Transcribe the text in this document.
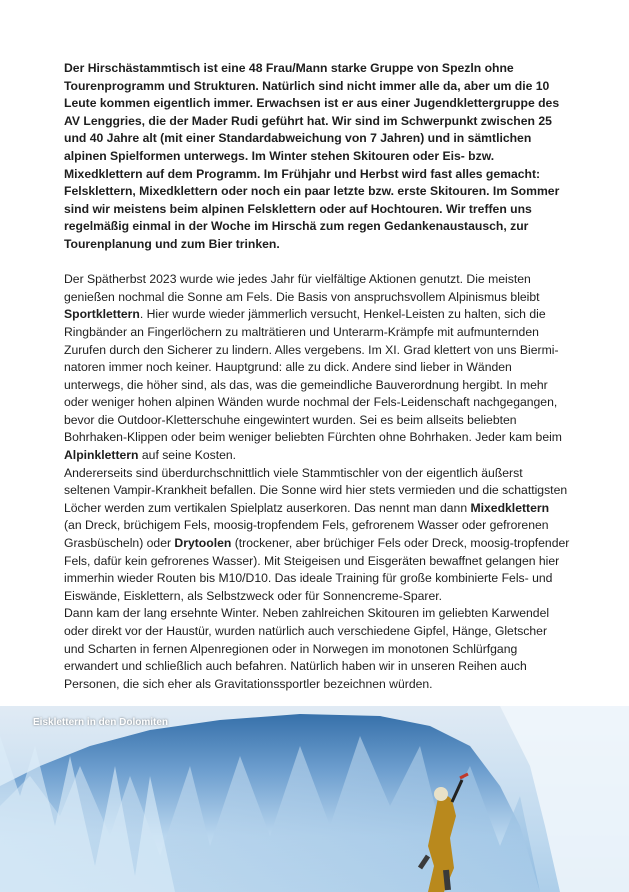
Der Hirschästammtisch ist eine 48 Frau/Mann starke Gruppe von Spezln ohne Tourenprogramm und Strukturen. Natürlich sind nicht immer alle da, aber um die 10 Leute kommen eigentlich immer. Erwachsen ist er aus einer Jugendklettergruppe des AV Lenggries, die der Mader Rudi geführt hat. Wir sind im Schwerpunkt zwischen 25 und 40 Jahre alt (mit einer Standardabweichung von 7 Jahren) und in sämtlichen alpinen Spielformen unterwegs. Im Winter stehen Skitouren oder Eis- bzw. Mixedklettern auf dem Programm. Im Frühjahr und Herbst wird fast alles gemacht: Felsklettern, Mixedklettern oder noch ein paar letzte bzw. erste Skitouren. Im Sommer sind wir meistens beim alpinen Felsklettern oder auf Hochtouren. Wir treffen uns regelmäßig einmal in der Woche im Hirschä zum regen Gedankenaustausch, zur Tourenplanung und zum Bier trinken.

Der Spätherbst 2023 wurde wie jedes Jahr für vielfältige Aktionen genutzt. Die meisten genießen nochmal die Sonne am Fels. Die Basis von anspruchsvollem Alpinismus bleibt Sportklettern. Hier wurde wieder jämmerlich versucht, Henkel-Leisten zu halten, sich die Ringbänder an Fingerlöchern zu malträtieren und Unterarm-Krämpfe mit aufmunternden Zurufen durch den Sicherer zu lindern. Alles vergebens. Im XI. Grad klettert von uns Bierminatoren immer noch keiner. Hauptgrund: alle zu dick. Andere sind lieber in Wänden unterwegs, die höher sind, als das, was die gemeindliche Bauverordnung hergibt. In mehr oder weniger hohen alpinen Wänden wurde nochmal der Fels-Leidenschaft nachgegangen, bevor die Outdoor-Kletterschuhe eingewintert wurden. Sei es beim allseits beliebten Bohrhaken-Klippen oder beim weniger beliebten Fürchten ohne Bohrhaken. Jeder kam beim Alpinklettern auf seine Kosten.

Andererseits sind überdurchschnittlich viele Stammtischler von der eigentlich äußerst seltenen Vampir-Krankheit befallen. Die Sonne wird hier stets vermieden und die schattigsten Löcher werden zum vertikalen Spielplatz auserkoren. Das nennt man dann Mixedklettern (an Dreck, brüchigem Fels, moosig-tropfendem Fels, gefrorenem Wasser oder gefrorenen Grasbüscheln) oder Drytoolen (trockener, aber brüchiger Fels oder Dreck, moosig-tropfender Fels, dafür kein gefrorenes Wasser). Mit Steigeisen und Eisgeräten bewaffnet gelangen hier immerhin wieder Routen bis M10/D10. Das ideale Training für große kombinierte Fels- und Eiswände, Eisklettern, als Selbstzweck oder für Sonnencreme-Sparer.

Dann kam der lang ersehnte Winter. Neben zahlreichen Skitouren im geliebten Karwendel oder direkt vor der Haustür, wurden natürlich auch verschiedene Gipfel, Hänge, Gletscher und Scharten in fernen Alpenregionen oder in Norwegen im monotonen Schlürfgang erwandert und schließlich auch befahren. Natürlich haben wir in unseren Reihen auch Personen, die sich eher als Gravitationssportler bezeichnen würden.

Eisklettern in den Dolomiten
